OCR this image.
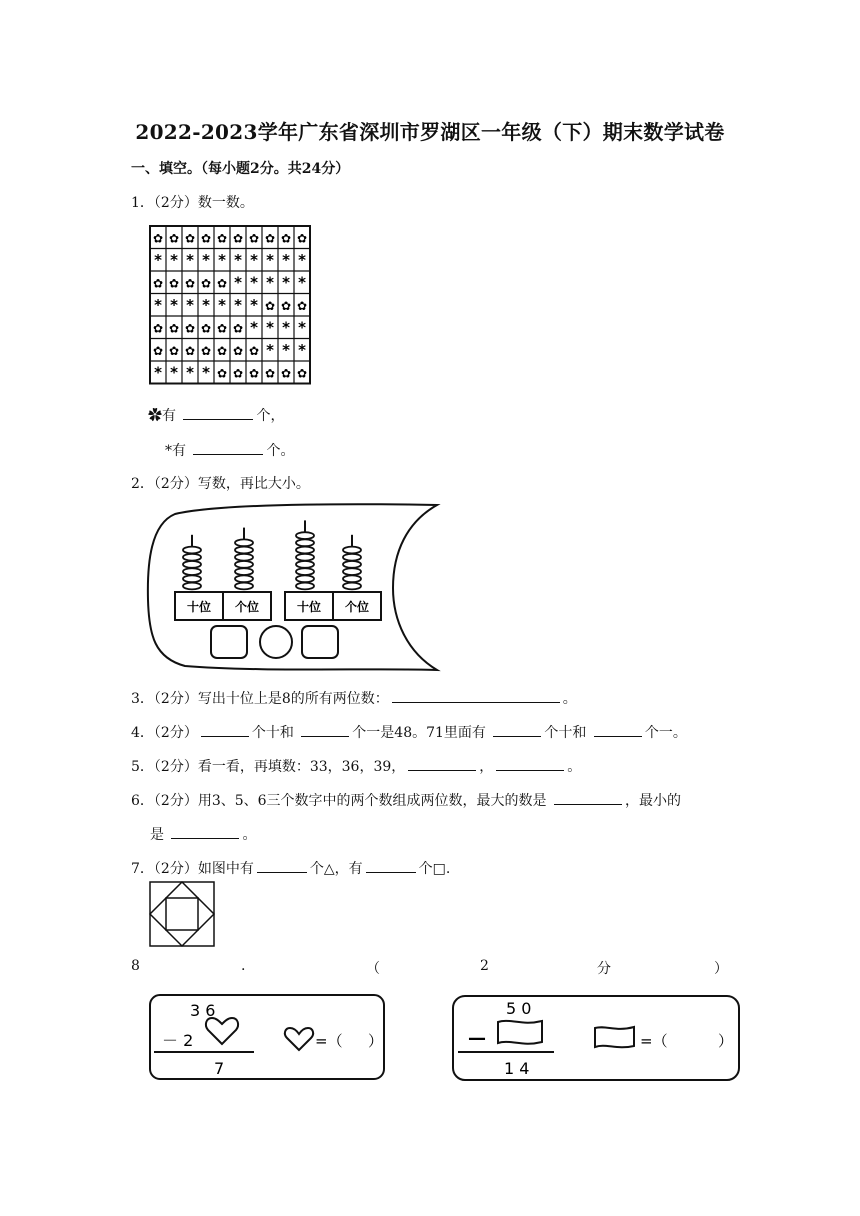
2022-2023学年广东省深圳市罗湖区一年级（下）期末数学试卷
一、填空。（每小题2分。共24分）
1．（2分）数一数。
✿ ✿ ✿ ✿ ✿ ✿ ✿ ✿ ✿ ✿
* * * * * * * * * *
✿ ✿ ✿ ✿ ✿ * * * * *
* * * * * * * ✿ ✿ ✿
✿ ✿ ✿ ✿ ✿ ✿ * * * *
✿ ✿ ✿ ✿ ✿ ✿ ✿ * * *
* * * * ✿ ✿ ✿ ✿ ✿ ✿
✿有	个，
*有	个。
2．（2分）写数，再比大小。
十位 个位	十位 个位
3．（2分）写出十位上是8的所有两位数：	。
4．（2分）	个十和	个一是48。71里面有	个十和	个一。
5．（2分）看一看，再填数：33，36，39，	，	。
6．（2分）用3、5、6三个数字中的两个数组成两位数，最大的数是	，最小的
是	。
7．（2分）如图中有	个△，有	个□.
8	.	（	2	分	）
3 6
－ 2
7
=（ ）
5 0
—
1 4
=（	）
